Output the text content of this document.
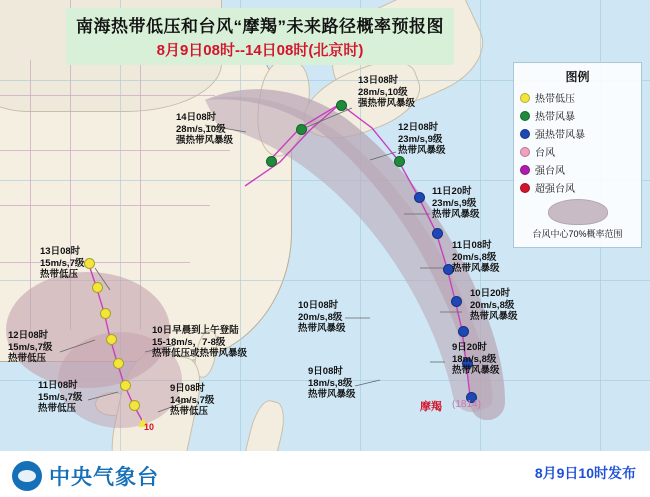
10
摩羯 (1814)
南海热带低压和台风“摩羯”未来路径概率预报图
8月9日08时--14日08时(北京时)
图例
热带低压
热带风暴
强热带风暴
台风
强台风
超强台风
台风中心70%概率范围
14日08时
28m/s,10级
强热带风暴级
13日08时
28m/s,10级
强热带风暴级
12日08时
23m/s,9级
热带风暴级
11日20时
23m/s,9级
热带风暴级
11日08时
20m/s,8级
热带风暴级
10日20时
20m/s,8级
热带风暴级
10日08时
20m/s,8级
热带风暴级
9日20时
18m/s,8级
热带风暴级
9日08时
18m/s,8级
热带风暴级
13日08时
15m/s,7级
热带低压
12日08时
15m/s,7级
热带低压
11日08时
15m/s,7级
热带低压
10日早晨到上午登陆
15-18m/s，7-8级
热带低压或热带风暴级
9日08时
14m/s,7级
热带低压
中央气象台	8月9日10时发布
